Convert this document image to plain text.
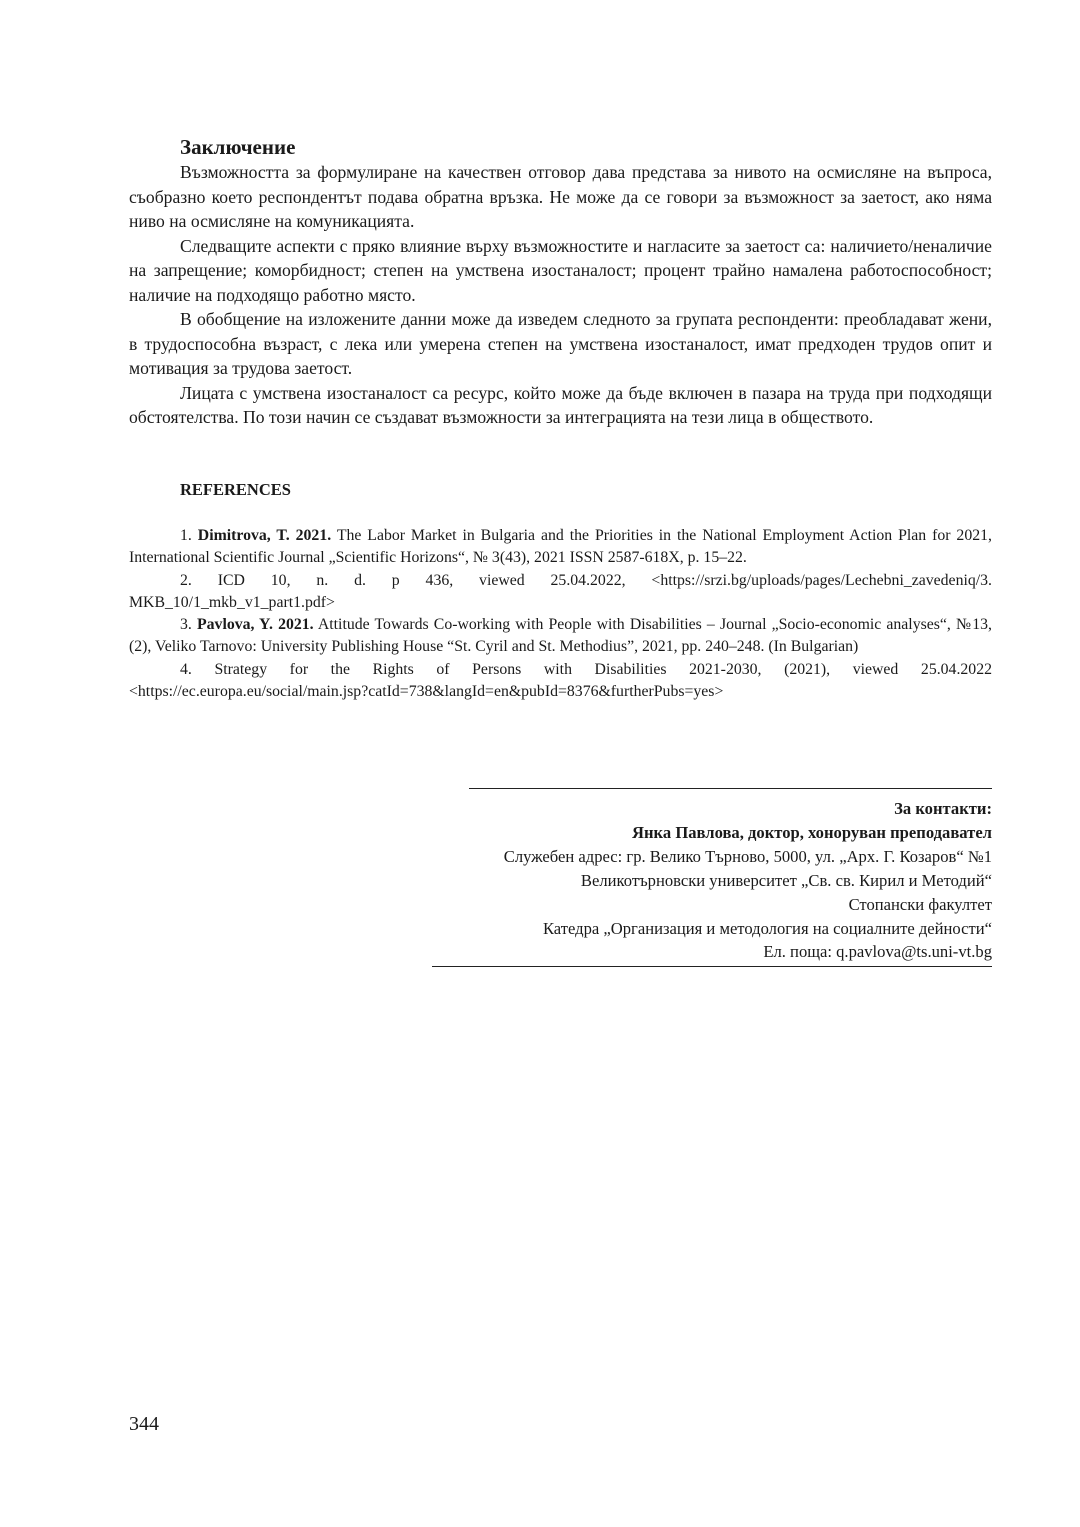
Заключение

Възможността за формулиране на качествен отговор дава представа за нивото на осмисляне на въпроса, съобразно което респондентът подава обратна връзка. Не може да се говори за възможност за заетост, ако няма ниво на осмисляне на комуникацията.

Следващите аспекти с пряко влияние върху възможностите и нагласите за заетост са: наличието/неналичие на запрещение; коморбидност; степен на умствена изостаналост; процент трайно намалена работоспособност; наличие на подходящо работно място.

В обобщение на изложените данни може да изведем следното за групата респонденти: преобладават жени, в трудоспособна възраст, с лека или умерена степен на умствена изостаналост, имат предходен трудов опит и мотивация за трудова заетост.

Лицата с умствена изостаналост са ресурс, който може да бъде включен в пазара на труда при подходящи обстоятелства. По този начин се създават възможности за интеграцията на тези лица в обществото.

REFERENCES

1. Dimitrova, T. 2021. The Labor Market in Bulgaria and the Priorities in the National Employment Action Plan for 2021, International Scientific Journal „Scientific Horizons“, № 3(43), 2021 ISSN 2587-618X, p. 15–22.

2. ICD 10, n. d. p 436, viewed 25.04.2022, <https://srzi.bg/uploads/pages/Lechebni_zavedeniq/3. MKB_10/1_mkb_v1_part1.pdf>

3. Pavlova, Y. 2021. Attitude Towards Co-working with People with Disabilities – Journal „Socio-economic analyses“, №13, (2), Veliko Tarnovo: University Publishing House “St. Cyril and St. Methodius”, 2021, pp. 240–248. (In Bulgarian)

4. Strategy for the Rights of Persons with Disabilities 2021-2030, (2021), viewed 25.04.2022 <https://ec.europa.eu/social/main.jsp?catId=738&langId=en&pubId=8376&furtherPubs=yes>

За контакти:
Янка Павлова, доктор, хоноруван преподавател
Служебен адрес: гр. Велико Търново, 5000, ул. „Арх. Г. Козаров“ №1
Великотърновски университет „Св. св. Кирил и Методий“
Стопански факултет
Катедра „Организация и методология на социалните дейности“
Ел. поща: q.pavlova@ts.uni-vt.bg
344
